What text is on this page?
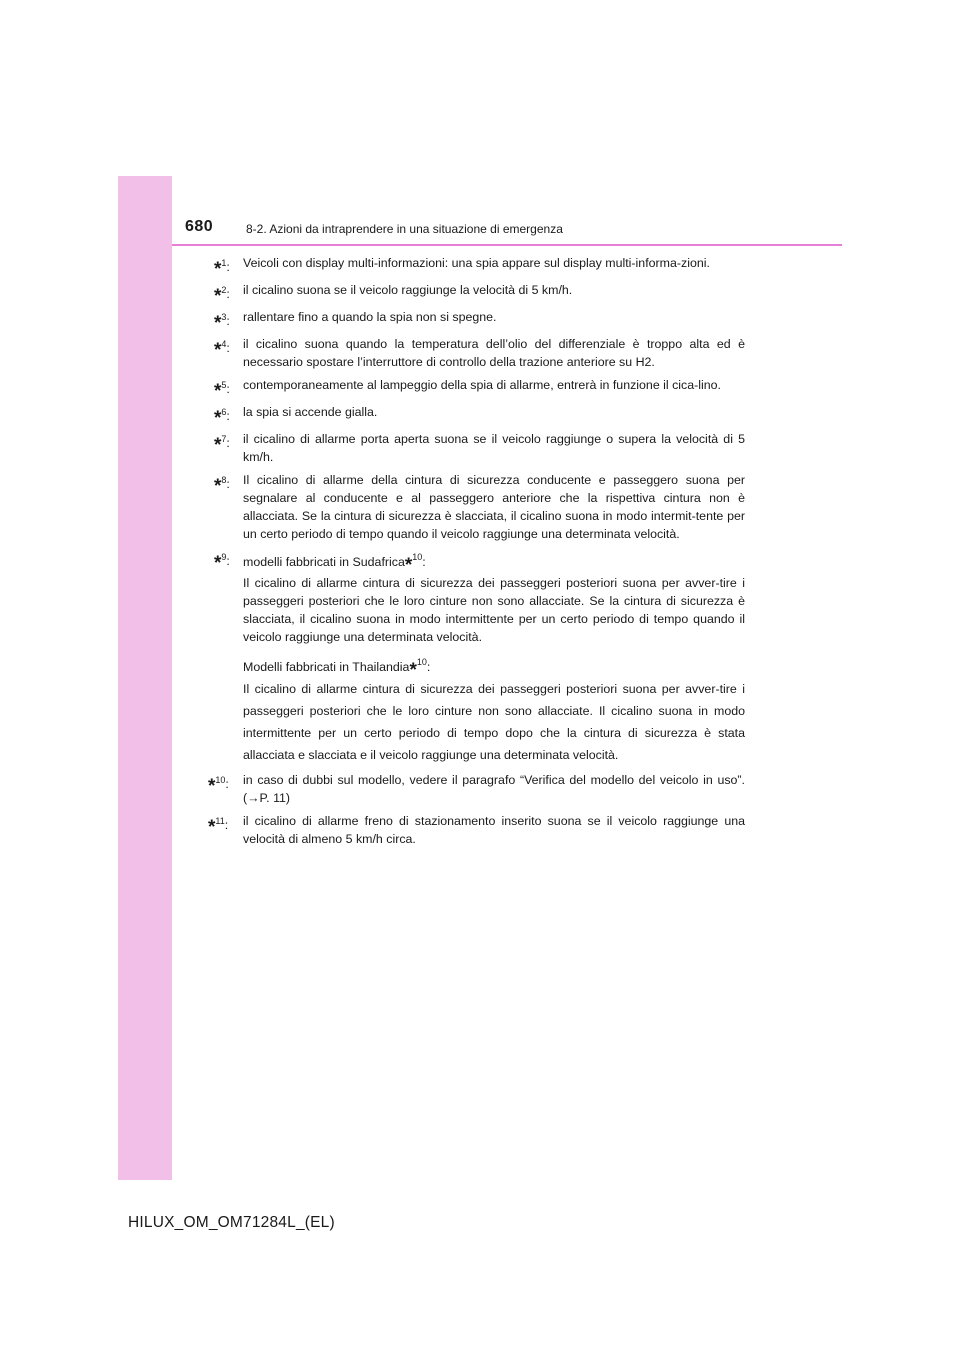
680	8-2. Azioni da intraprendere in una situazione di emergenza
*$^1$:	Veicoli con display multi-informazioni: una spia appare sul display multi-informa-zioni.
*$^2$:	il cicalino suona se il veicolo raggiunge la velocità di 5 km/h.
*$^3$:	rallentare fino a quando la spia non si spegne.
*$^4$:	il cicalino suona quando la temperatura dell’olio del differenziale è troppo alta ed è necessario spostare l’interruttore di controllo della trazione anteriore su H2.
*$^5$:	contemporaneamente al lampeggio della spia di allarme, entrerà in funzione il cica-lino.
*$^6$:	la spia si accende gialla.
*$^7$:	il cicalino di allarme porta aperta suona se il veicolo raggiunge o supera la velocità di 5 km/h.
*$^8$:	Il cicalino di allarme della cintura di sicurezza conducente e passeggero suona per segnalare al conducente e al passeggero anteriore che la rispettiva cintura non è allacciata. Se la cintura di sicurezza è slacciata, il cicalino suona in modo intermit-tente per un certo periodo di tempo quando il veicolo raggiunge una determinata velocità.
*$^9$:	modelli fabbricati in Sudafrica*$^{10}$:

Il cicalino di allarme cintura di sicurezza dei passeggeri posteriori suona per avver-tire i passeggeri posteriori che le loro cinture non sono allacciate. Se la cintura di sicurezza è slacciata, il cicalino suona in modo intermittente per un certo periodo di tempo quando il veicolo raggiunge una determinata velocità.

Modelli fabbricati in Thailandia*$^{10}$:

Il cicalino di allarme cintura di sicurezza dei passeggeri posteriori suona per avver-tire i passeggeri posteriori che le loro cinture non sono allacciate. Il cicalino suona in modo intermittente per un certo periodo di tempo dopo che la cintura di sicurezza è stata allacciata e slacciata e il veicolo raggiunge una determinata velocità.

*$^{10}$:	in caso di dubbi sul modello, vedere il paragrafo “Verifica del modello del veicolo in uso”. (→P. 11)
*$^{11}$:	il cicalino di allarme freno di stazionamento inserito suona se il veicolo raggiunge una velocità di almeno 5 km/h circa.
HILUX_OM_OM71284L_(EL)
